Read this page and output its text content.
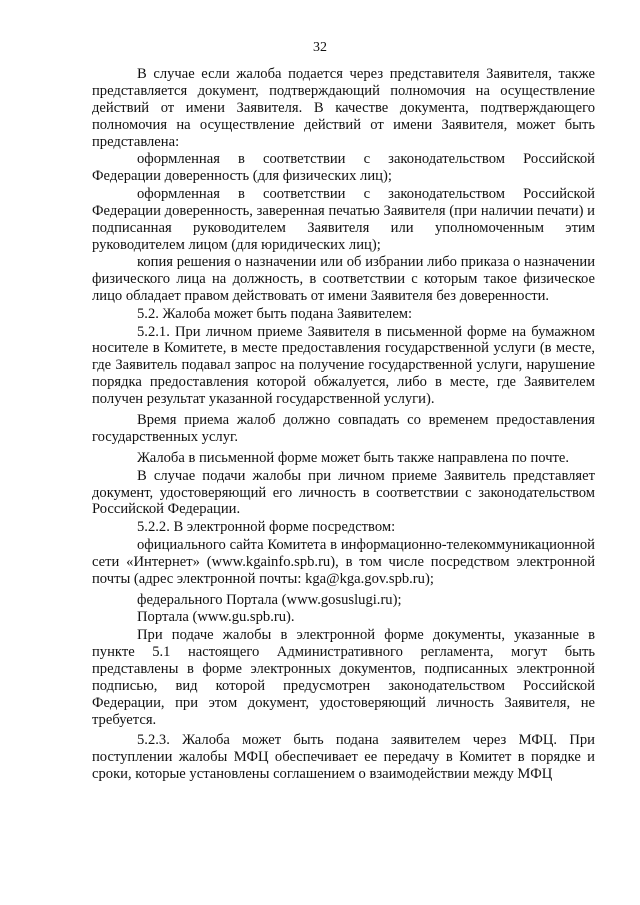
32

В случае если жалоба подается через представителя Заявителя, также представляется документ, подтверждающий полномочия на осуществление действий от имени Заявителя. В качестве документа, подтверждающего полномочия на осуществление действий от имени Заявителя, может быть представлена:

оформленная в соответствии с законодательством Российской Федерации доверенность (для физических лиц);

оформленная в соответствии с законодательством Российской Федерации доверенность, заверенная печатью Заявителя (при наличии печати) и подписанная руководителем Заявителя или уполномоченным этим руководителем лицом (для юридических лиц);

копия решения о назначении или об избрании либо приказа о назначении физического лица на должность, в соответствии с которым такое физическое лицо обладает правом действовать от имени Заявителя без доверенности.

5.2. Жалоба может быть подана Заявителем:

5.2.1. При личном приеме Заявителя в письменной форме на бумажном носителе в Комитете, в месте предоставления государственной услуги (в месте, где Заявитель подавал запрос на получение государственной услуги, нарушение порядка предоставления которой обжалуется, либо в месте, где Заявителем получен результат указанной государственной услуги).

Время приема жалоб должно совпадать со временем предоставления государственных услуг.

Жалоба в письменной форме может быть также направлена по почте.

В случае подачи жалобы при личном приеме Заявитель представляет документ, удостоверяющий его личность в соответствии с законодательством Российской Федерации.

5.2.2. В электронной форме посредством:

официального сайта Комитета в информационно-телекоммуникационной сети «Интернет» (www.kgainfo.spb.ru), в том числе посредством электронной почты (адрес электронной почты: kga@kga.gov.spb.ru);

федерального Портала (www.gosuslugi.ru);

Портала (www.gu.spb.ru).

При подаче жалобы в электронной форме документы, указанные в пункте 5.1 настоящего Административного регламента, могут быть представлены в форме электронных документов, подписанных электронной подписью, вид которой предусмотрен законодательством Российской Федерации, при этом документ, удостоверяющий личность Заявителя, не требуется.

5.2.3. Жалоба может быть подана заявителем через МФЦ. При поступлении жалобы МФЦ обеспечивает ее передачу в Комитет в порядке и сроки, которые установлены соглашением о взаимодействии между МФЦ
